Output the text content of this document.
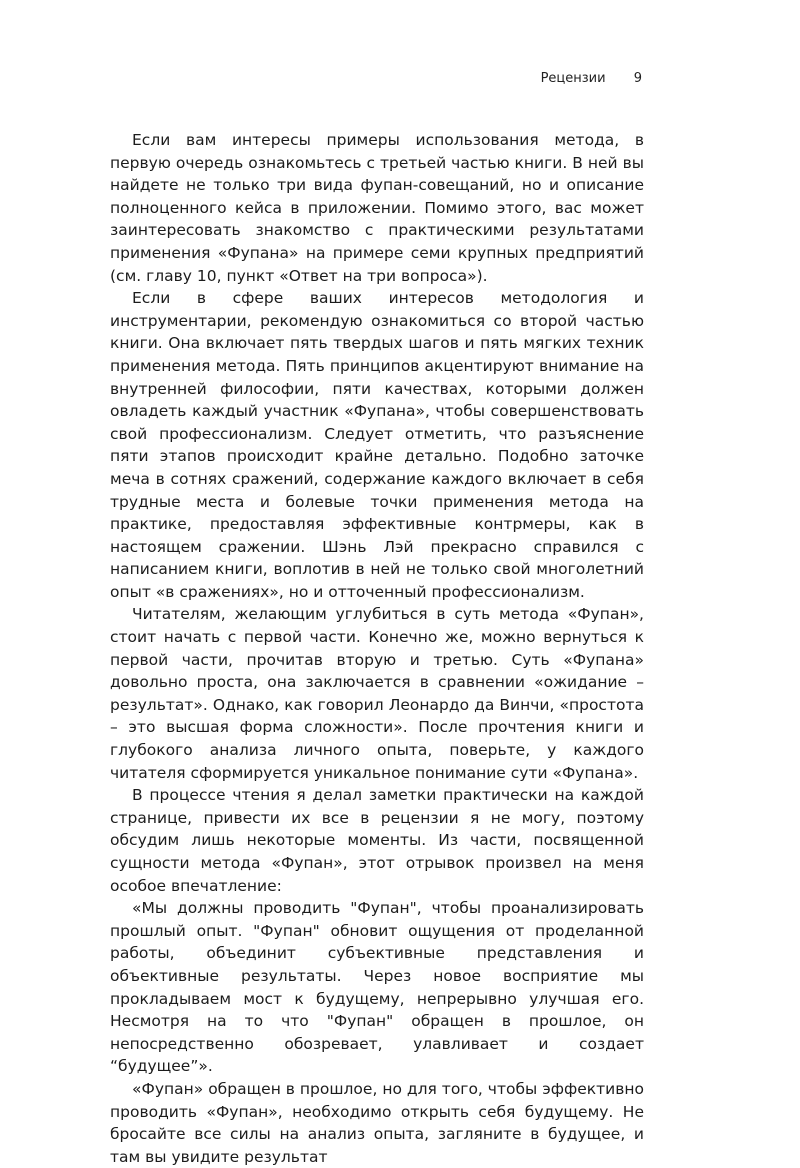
Рецензии 9

Если вам интересы примеры использования метода, в первую очередь ознакомьтесь с третьей частью книги. В ней вы найдете не только три вида фупан-совещаний, но и описание полноценного кейса в приложении. Помимо этого, вас может заинтересовать знакомство с практическими результатами применения «Фупана» на примере семи крупных предприятий (см. главу 10, пункт «Ответ на три вопроса»).

Если в сфере ваших интересов методология и инструментарии, рекомендую ознакомиться со второй частью книги. Она включает пять твердых шагов и пять мягких техник применения метода. Пять принципов акцентируют внимание на внутренней философии, пяти качествах, которыми должен овладеть каждый участник «Фупана», чтобы совершенствовать свой профессионализм. Следует отметить, что разъяснение пяти этапов происходит крайне детально. Подобно заточке меча в сотнях сражений, содержание каждого включает в себя трудные места и болевые точки применения метода на практике, предоставляя эффективные контрмеры, как в настоящем сражении. Шэнь Лэй прекрасно справился с написанием книги, воплотив в ней не только свой многолетний опыт «в сражениях», но и отточенный профессионализм.

Читателям, желающим углубиться в суть метода «Фупан», стоит начать с первой части. Конечно же, можно вернуться к первой части, прочитав вторую и третью. Суть «Фупана» довольно проста, она заключается в сравнении «ожидание – результат». Однако, как говорил Леонардо да Винчи, «простота – это высшая форма сложности». После прочтения книги и глубокого анализа личного опыта, поверьте, у каждого читателя сформируется уникальное понимание сути «Фупана».

В процессе чтения я делал заметки практически на каждой странице, привести их все в рецензии я не могу, поэтому обсудим лишь некоторые моменты. Из части, посвященной сущности метода «Фупан», этот отрывок произвел на меня особое впечатление:

«Мы должны проводить "Фупан", чтобы проанализировать прошлый опыт. "Фупан" обновит ощущения от проделанной работы, объединит субъективные представления и объективные результаты. Через новое восприятие мы прокладываем мост к будущему, непрерывно улучшая его. Несмотря на то что "Фупан" обращен в прошлое, он непосредственно обозревает, улавливает и создает “будущее”».

«Фупан» обращен в прошлое, но для того, чтобы эффективно проводить «Фупан», необходимо открыть себя будущему. Не бросайте все силы на анализ опыта, загляните в будущее, и там вы увидите результат
